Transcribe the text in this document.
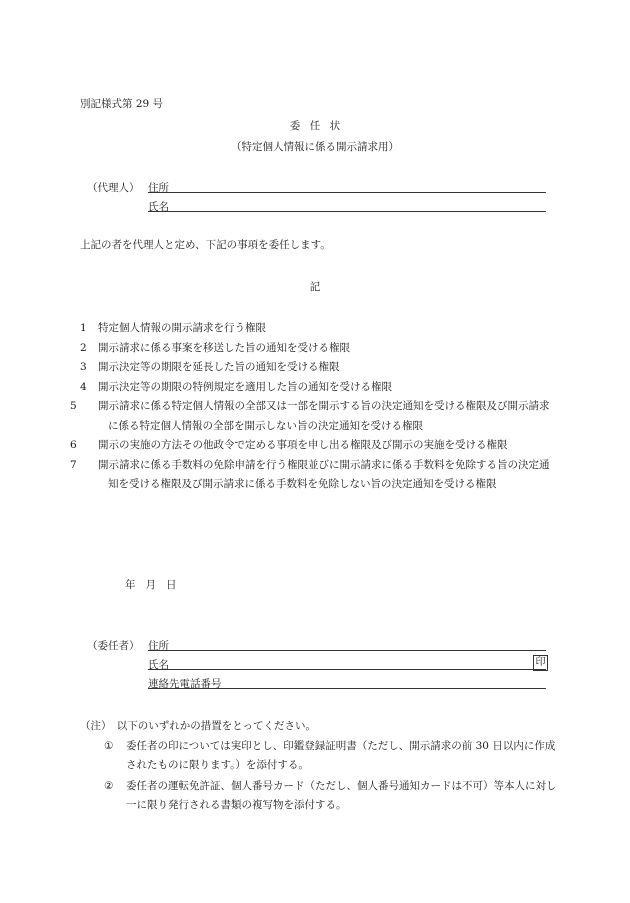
別記様式第 29 号
委任状
（特定個人情報に係る開示請求用）
（代理人） 住所
氏名
上記の者を代理人と定め、下記の事項を委任します。
記
1 特定個人情報の開示請求を行う権限
2 開示請求に係る事案を移送した旨の通知を受ける権限
3 開示決定等の期限を延長した旨の通知を受ける権限
4 開示決定等の期限の特例規定を適用した旨の通知を受ける権限
5	開示請求に係る特定個人情報の全部又は一部を開示する旨の決定通知を受ける権限及び開示請求に係る特定個人情報の全部を開示しない旨の決定通知を受ける権限
6	開示の実施の方法その他政令で定める事項を申し出る権限及び開示の実施を受ける権限
7	開示請求に係る手数料の免除申請を行う権限並びに開示請求に係る手数料を免除する旨の決定通知を受ける権限及び開示請求に係る手数料を免除しない旨の決定通知を受ける権限
年 月 日
（委任者） 住所
氏名	印
連絡先電話番号
（注）　以下のいずれかの措置をとってください。
①	委任者の印については実印とし、印鑑登録証明書（ただし、開示請求の前 30 日以内に作成されたものに限ります。）を添付する。
②	委任者の運転免許証、個人番号カード（ただし、個人番号通知カードは不可）等本人に対し一に限り発行される書類の複写物を添付する。
